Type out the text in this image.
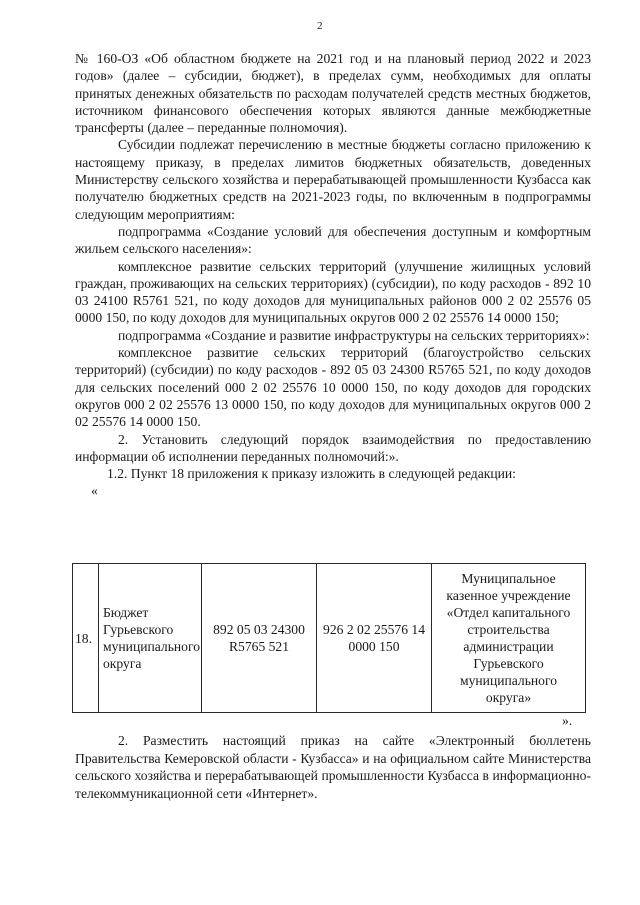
2

№ 160-ОЗ «Об областном бюджете на 2021 год и на плановый период 2022 и 2023 годов» (далее – субсидии, бюджет), в пределах сумм, необходимых для оплаты принятых денежных обязательств по расходам получателей средств местных бюджетов, источником финансового обеспечения которых являются данные межбюджетные трансферты (далее – переданные полномочия).

Субсидии подлежат перечислению в местные бюджеты согласно приложению к настоящему приказу, в пределах лимитов бюджетных обязательств, доведенных Министерству сельского хозяйства и перерабатывающей промышленности Кузбасса как получателю бюджетных средств на 2021-2023 годы, по включенным в подпрограммы следующим мероприятиям:

подпрограмма «Создание условий для обеспечения доступным и комфортным жильем сельского населения»:

комплексное развитие сельских территорий (улучшение жилищных условий граждан, проживающих на сельских территориях) (субсидии), по коду расходов - 892 10 03 24100 R5761 521, по коду доходов для муниципальных районов 000 2 02 25576 05 0000 150, по коду доходов для муниципальных округов 000 2 02 25576 14 0000 150;

подпрограмма «Создание и развитие инфраструктуры на сельских территориях»:

комплексное развитие сельских территорий (благоустройство сельских территорий) (субсидии) по коду расходов - 892 05 03 24300 R5765 521, по коду доходов для сельских поселений 000 2 02 25576 10 0000 150, по коду доходов для городских округов 000 2 02 25576 13 0000 150, по коду доходов для муниципальных округов 000 2 02 25576 14 0000 150.

2. Установить следующий порядок взаимодействия по предоставлению информации об исполнении переданных полномочий:».

1.2. Пункт 18 приложения к приказу изложить в следующей редакции:

«

18.	Бюджет Гурьевского муниципального округа	892 05 03 24300 R5765 521	926 2 02 25576 14 0000 150	Муниципальное казенное учреждение «Отдел капитального строительства администрации Гурьевского муниципального округа»
».

2. Разместить настоящий приказ на сайте «Электронный бюллетень Правительства Кемеровской области - Кузбасса» и на официальном сайте Министерства сельского хозяйства и перерабатывающей промышленности Кузбасса в информационно-телекоммуникационной сети «Интернет».
